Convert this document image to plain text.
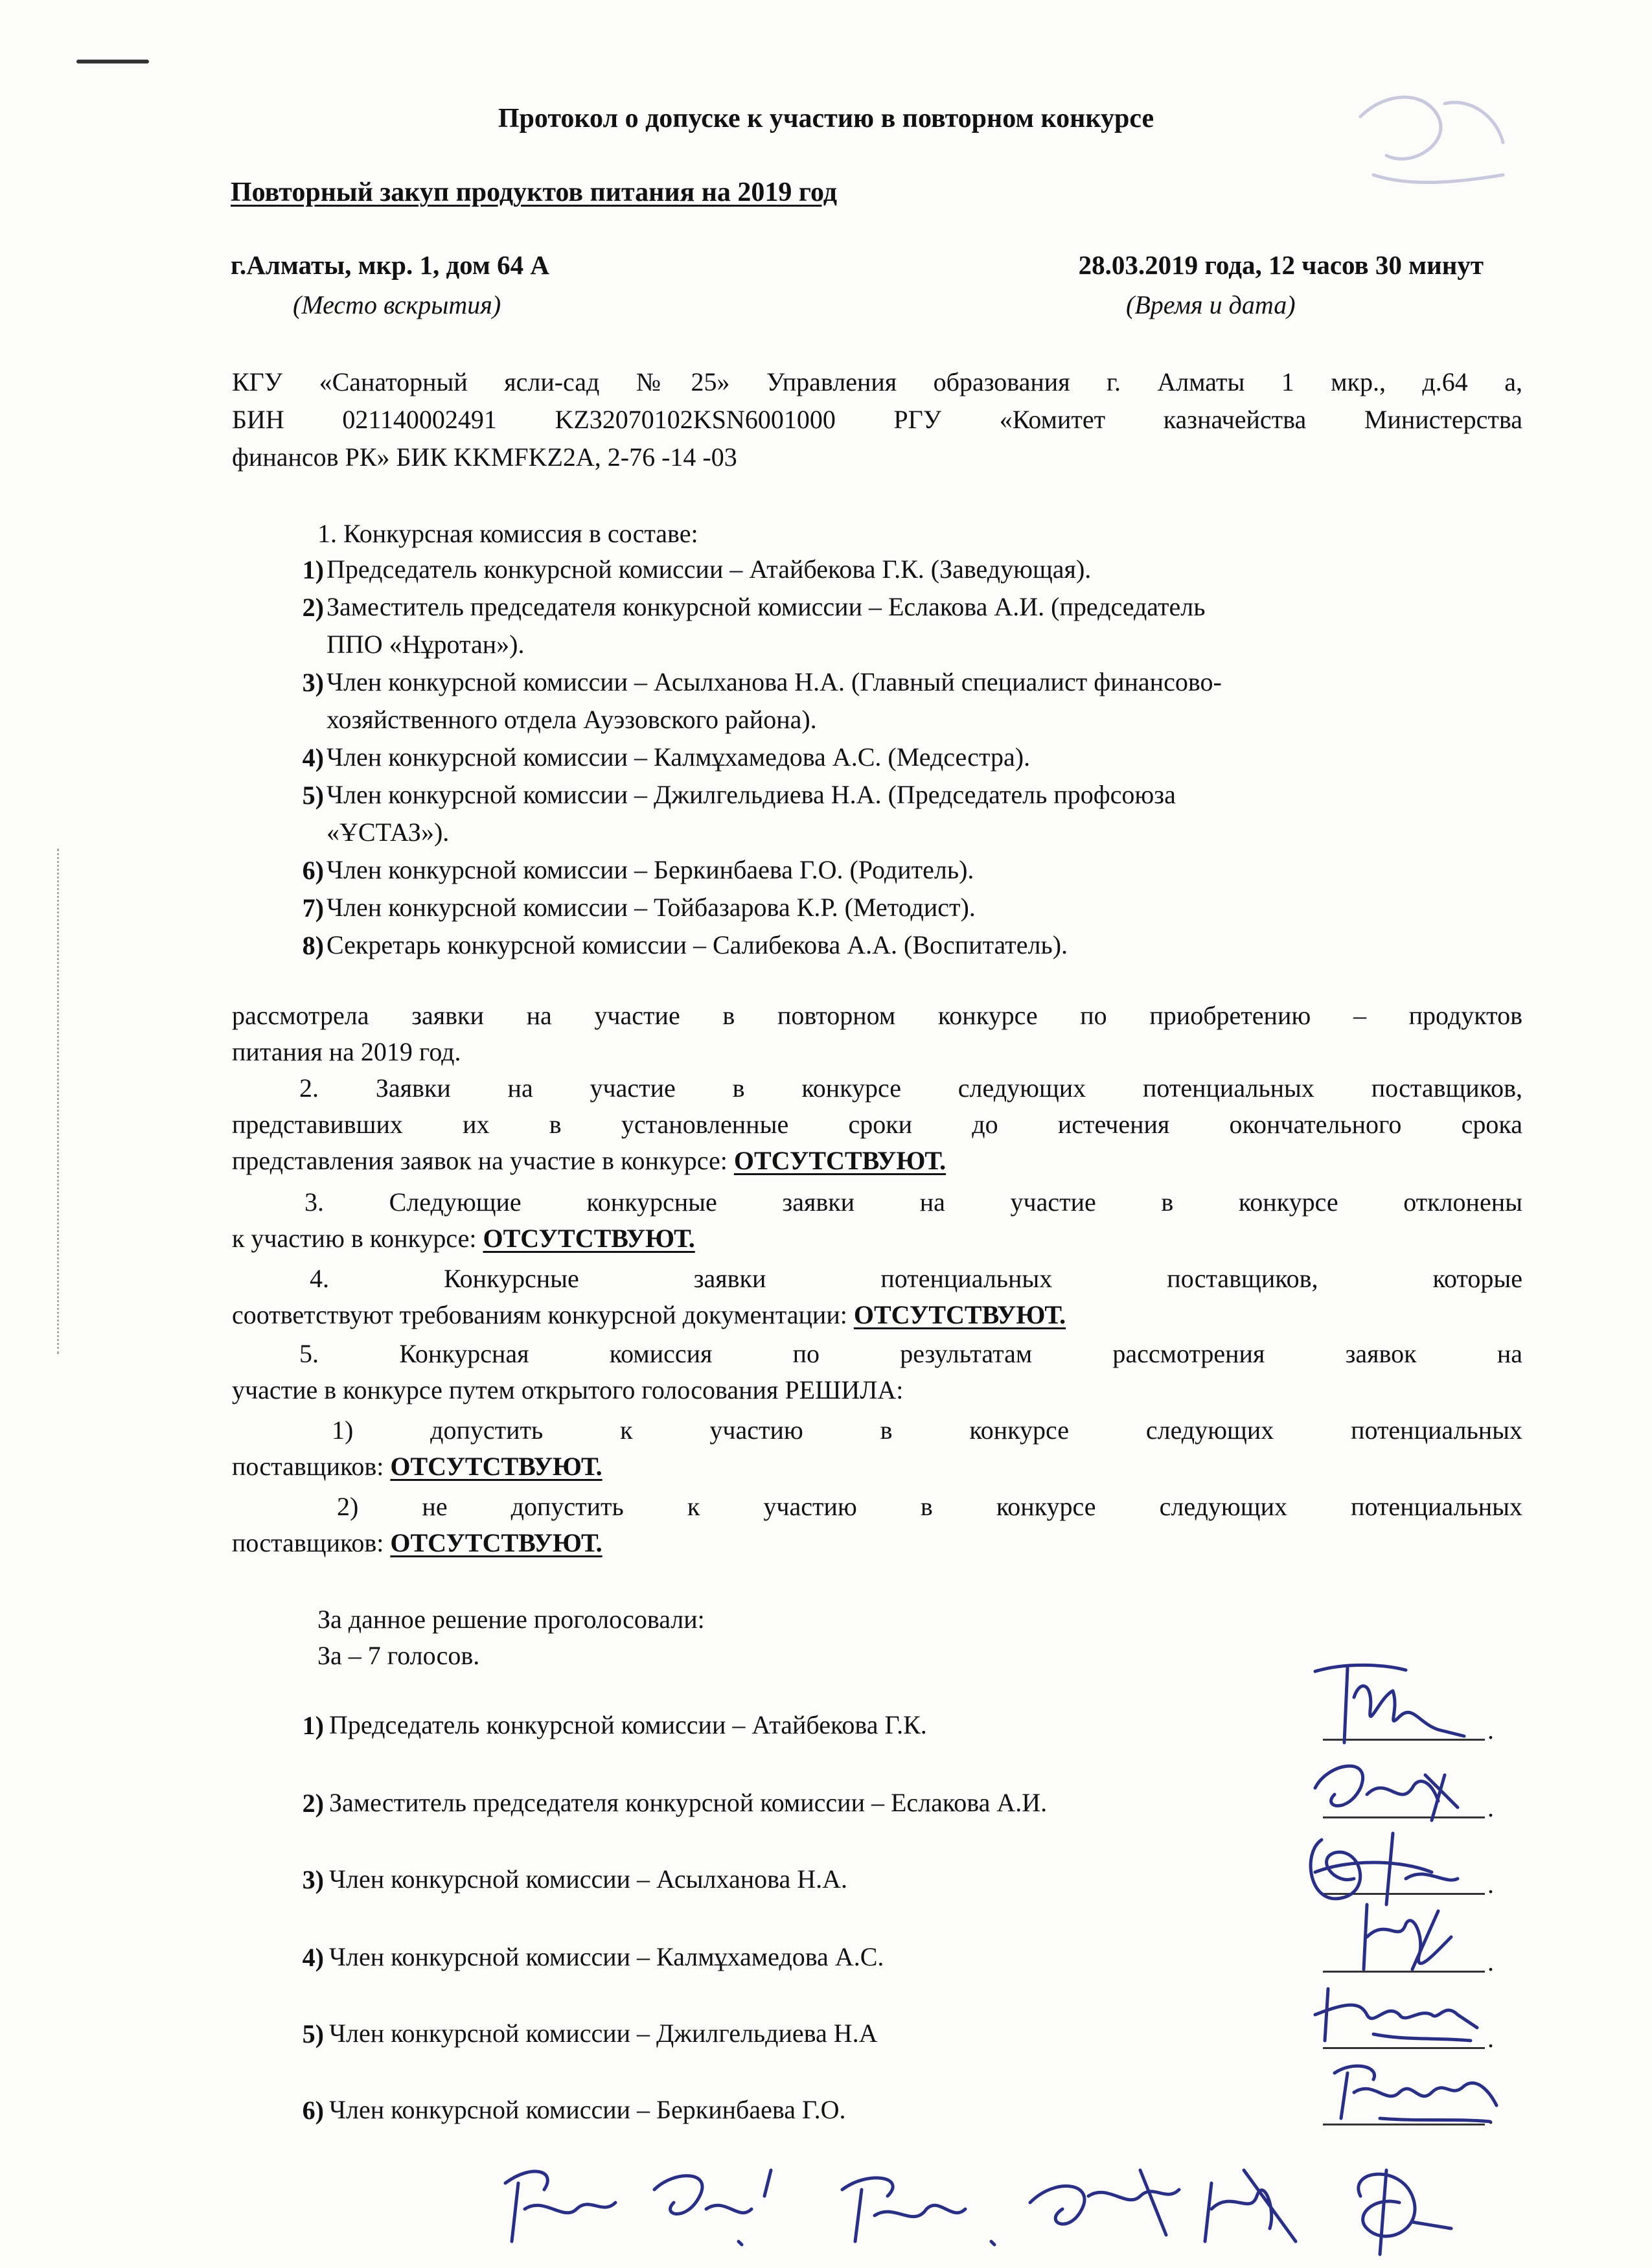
Протокол о допуске к участию в повторном конкурсе
Повторный закуп продуктов питания на 2019 год
г.Алматы, мкр. 1, дом 64 А	28.03.2019 года, 12 часов 30 минут
(Место вскрытия)	(Время и дата)
КГУ «Санаторный ясли-сад №25» Управления образования г. Алматы 1 мкр., д.64 а,
БИН 021140002491 KZ32070102KSN6001000 РГУ «Комитет казначейства Министерства
финансов РК» БИК KKMFKZ2A, 2-76 -14 -03
1. Конкурсная комиссия в составе:
1) Председатель конкурсной комиссии – Атайбекова Г.К. (Заведующая).
2) Заместитель председателя конкурсной комиссии – Еслакова А.И. (председатель
ППО «Нұротан»).
3) Член конкурсной комиссии – Асылханова Н.А. (Главный специалист финансово-
хозяйственного отдела Ауэзовского района).
4) Член конкурсной комиссии – Калмұхамедова А.С. (Медсестра).
5) Член конкурсной комиссии – Джилгельдиева Н.А. (Председатель профсоюза
«ҰСТАЗ»).
6) Член конкурсной комиссии – Беркинбаева Г.О. (Родитель).
7) Член конкурсной комиссии – Тойбазарова К.Р. (Методист).
8) Секретарь конкурсной комиссии – Салибекова А.А. (Воспитатель).
рассмотрела заявки на участие в повторном конкурсе по приобретению – продуктов
питания на 2019 год.
2. Заявки на участие в конкурсе следующих потенциальных поставщиков,
представивших их в установленные сроки до истечения окончательного срока
представления заявок на участие в конкурсе: ОТСУТСТВУЮТ.
3. Следующие конкурсные заявки на участие в конкурсе отклонены
к участию в конкурсе: ОТСУТСТВУЮТ.
4. Конкурсные заявки потенциальных поставщиков, которые
соответствуют требованиям конкурсной документации: ОТСУТСТВУЮТ.
5. Конкурсная комиссия по результатам рассмотрения заявок на
участие в конкурсе путем открытого голосования РЕШИЛА:
1) допустить к участию в конкурсе следующих потенциальных
поставщиков: ОТСУТСТВУЮТ.
2) не допустить к участию в конкурсе следующих потенциальных
поставщиков: ОТСУТСТВУЮТ.
За данное решение проголосовали:
За – 7 голосов.
1) Председатель конкурсной комиссии – Атайбекова Г.К.	.
2) Заместитель председателя конкурсной комиссии – Еслакова А.И.	.
3) Член конкурсной комиссии – Асылханова Н.А.	.
4) Член конкурсной комиссии – Калмұхамедова А.С.	.
5) Член конкурсной комиссии – Джилгельдиева Н.А	.
6) Член конкурсной комиссии – Беркинбаева Г.О.	.
